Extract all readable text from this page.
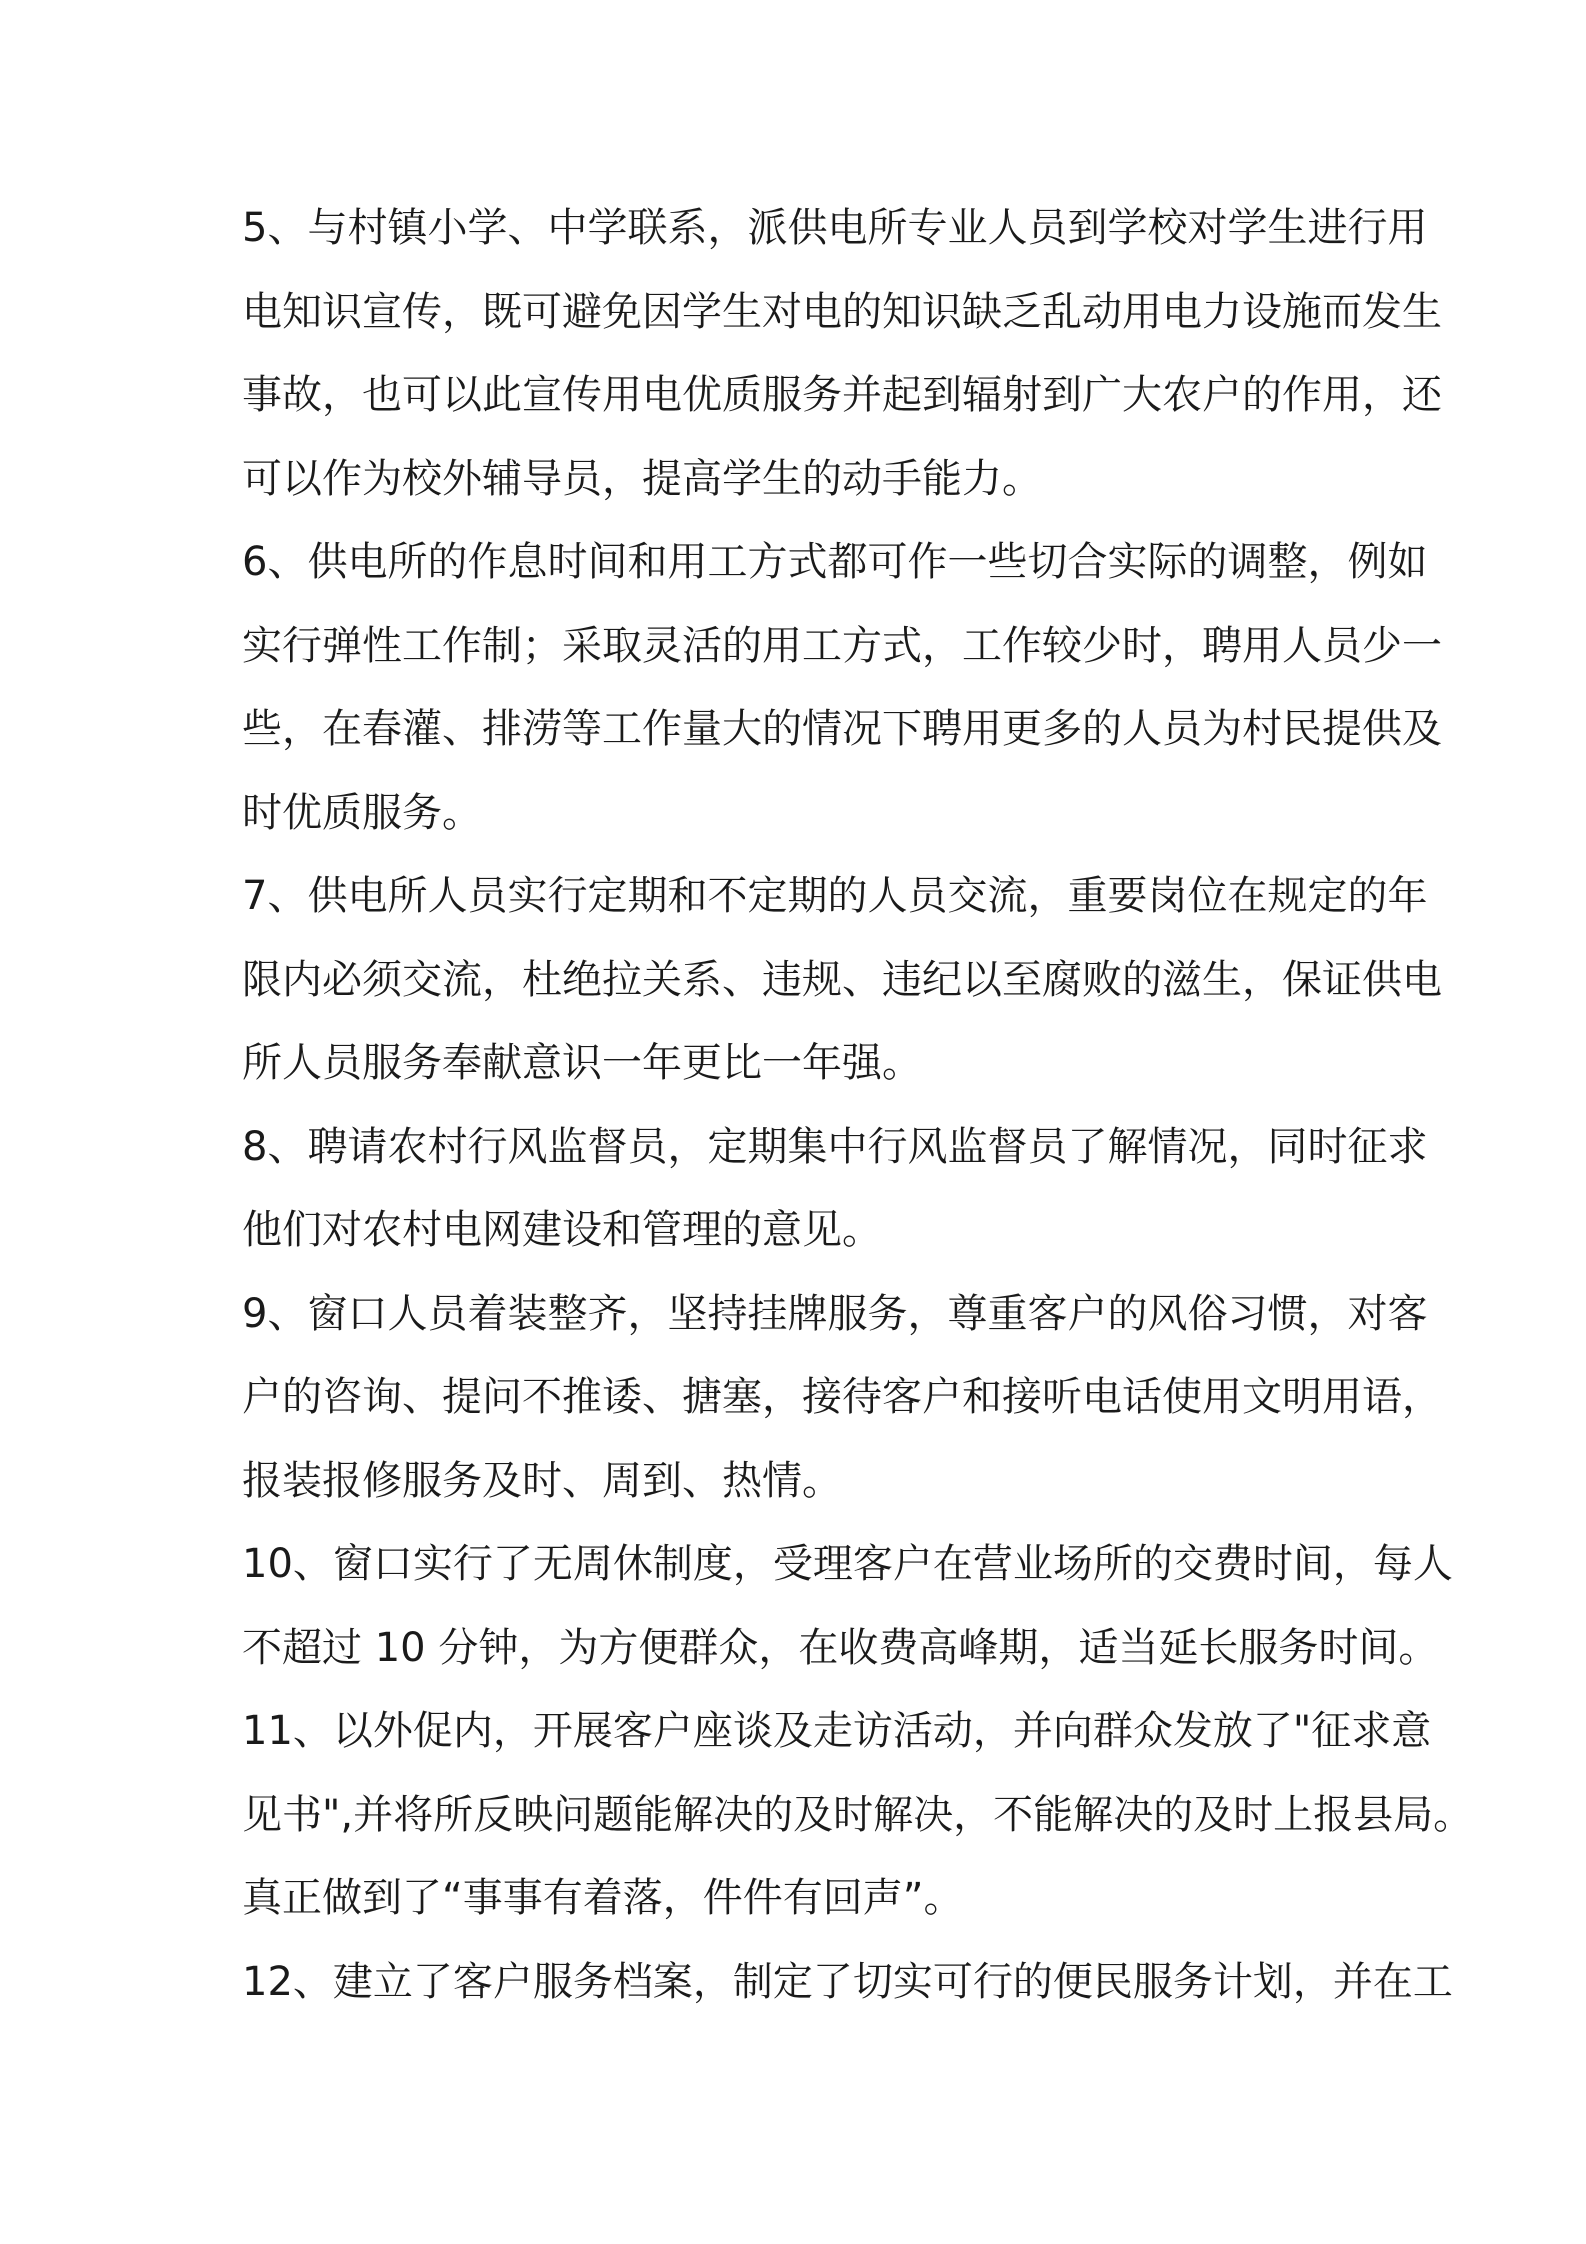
5、与村镇小学、中学联系，派供电所专业人员到学校对学生进行用
电知识宣传，既可避免因学生对电的知识缺乏乱动用电力设施而发生
事故，也可以此宣传用电优质服务并起到辐射到广大农户的作用，还
可以作为校外辅导员，提高学生的动手能力。
6、供电所的作息时间和用工方式都可作一些切合实际的调整，例如
实行弹性工作制；采取灵活的用工方式，工作较少时，聘用人员少一
些，在春灌、排涝等工作量大的情况下聘用更多的人员为村民提供及
时优质服务。
7、供电所人员实行定期和不定期的人员交流，重要岗位在规定的年
限内必须交流，杜绝拉关系、违规、违纪以至腐败的滋生，保证供电
所人员服务奉献意识一年更比一年强。
8、聘请农村行风监督员，定期集中行风监督员了解情况，同时征求
他们对农村电网建设和管理的意见。
9、窗口人员着装整齐，坚持挂牌服务，尊重客户的风俗习惯，对客
户的咨询、提问不推诿、搪塞，接待客户和接听电话使用文明用语，
报装报修服务及时、周到、热情。
10、窗口实行了无周休制度，受理客户在营业场所的交费时间，每人
不超过 10 分钟，为方便群众，在收费高峰期，适当延长服务时间。
11、以外促内，开展客户座谈及走访活动，并向群众发放了"征求意
见书",并将所反映问题能解决的及时解决，不能解决的及时上报县局。
真正做到了“事事有着落，件件有回声”。
12、建立了客户服务档案，制定了切实可行的便民服务计划，并在工
